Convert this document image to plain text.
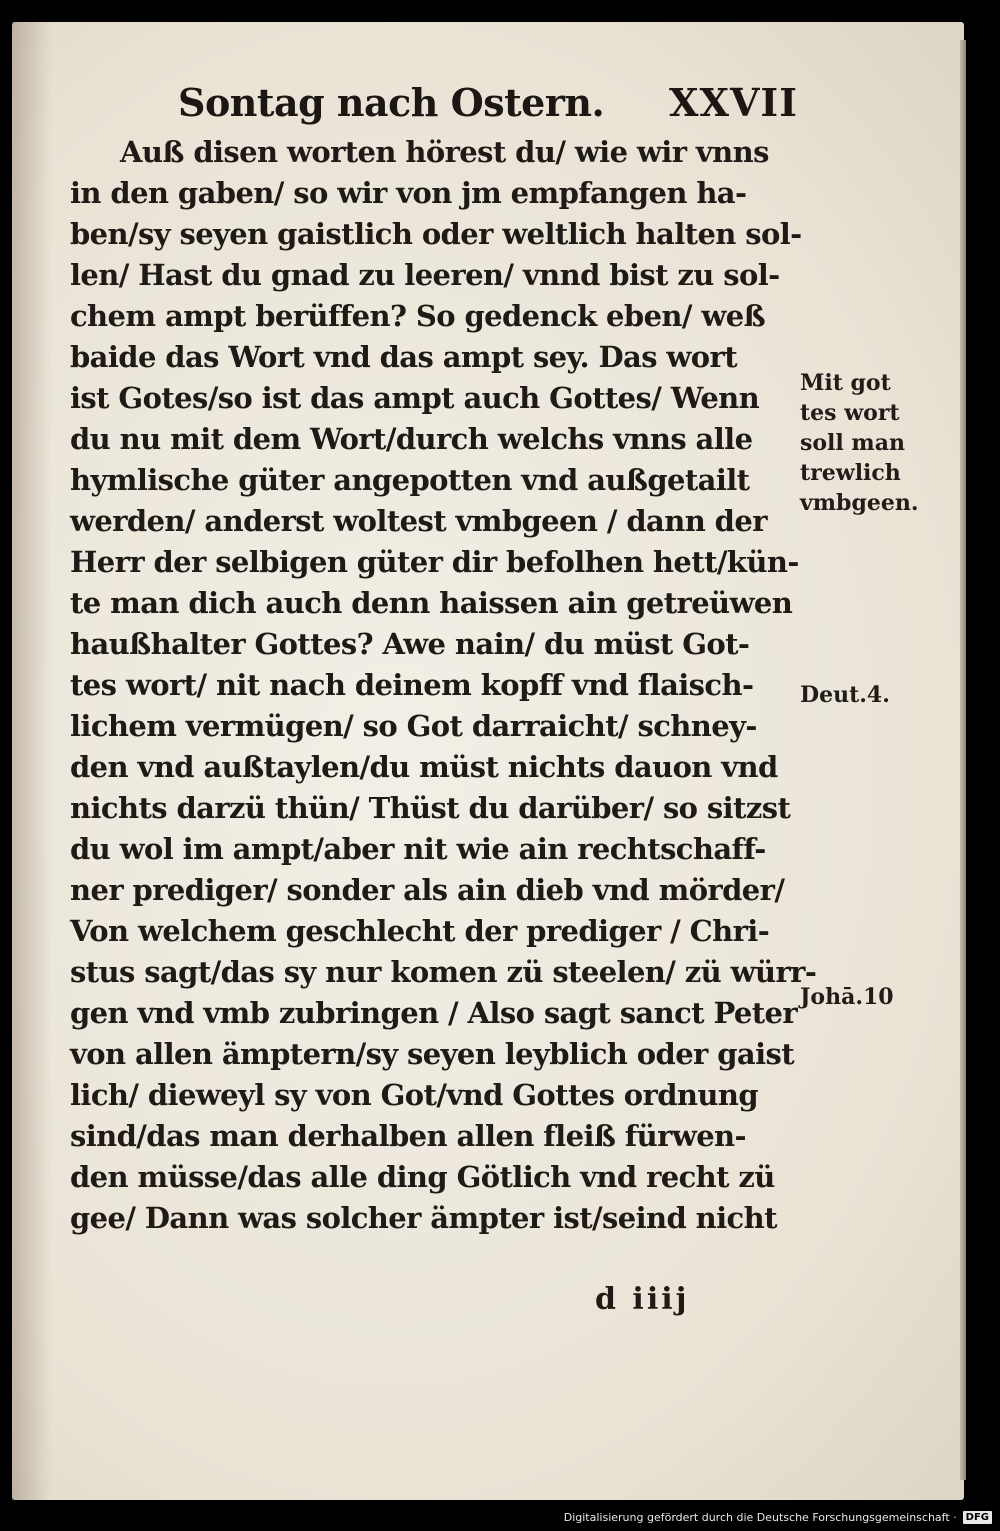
Sontag nach Ostern. XXVII
Auß disen worten hörest du/ wie wir vnns
in den gaben/ so wir von jm empfangen ha-
ben/sy seyen gaistlich oder weltlich halten sol-
len/ Hast du gnad zu leeren/ vnnd bist zu sol-
chem ampt berüffen? So gedenck eben/ weß
baide das Wort vnd das ampt sey. Das wort
ist Gotes/so ist das ampt auch Gottes/ Wenn
du nu mit dem Wort/durch welchs vnns alle
hymlische güter angepotten vnd außgetailt
werden/ anderst woltest vmbgeen / dann der
Herr der selbigen güter dir befolhen hett/kün-
te man dich auch denn haissen ain getreüwen
haußhalter Gottes? Awe nain/ du müst Got-
tes wort/ nit nach deinem kopff vnd flaisch-
lichem vermügen/ so Got darraicht/ schney-
den vnd außtaylen/du müst nichts dauon vnd
nichts darzü thün/ Thüst du darüber/ so sitzst
du wol im ampt/aber nit wie ain rechtschaff-
ner prediger/ sonder als ain dieb vnd mörder/
Von welchem geschlecht der prediger / Chri-
stus sagt/das sy nur komen zü steelen/ zü würr-
gen vnd vmb zubringen / Also sagt sanct Peter
von allen ämptern/sy seyen leyblich oder gaist
lich/ dieweyl sy von Got/vnd Gottes ordnung
sind/das man derhalben allen fleiß fürwen-
den müsse/das alle ding Götlich vnd recht zü
gee/ Dann was solcher ämpter ist/seind nicht
Mit got
tes wort
soll man
trewlich
vmbgeen.
Deut.4.
Johā.10
d iiij
Digitalisierung gefördert durch die Deutsche Forschungsgemeinschaft · DFG
